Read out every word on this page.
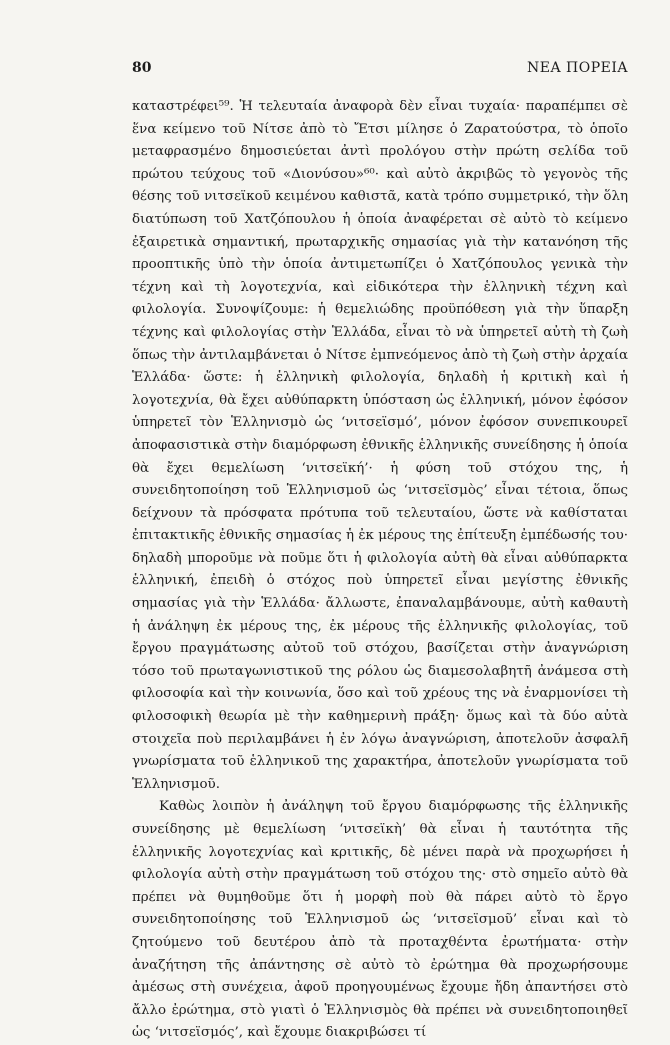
80	ΝΕΑ ΠΟΡΕΙΑ

καταστρέφει⁵⁹. Ἡ τελευταία ἀναφορὰ δὲν εἶναι τυχαία· παραπέμπει σὲ ἕνα κείμενο τοῦ Νίτσε ἀπὸ τὸ Ἔτσι μίλησε ὁ Ζαρατούστρα, τὸ ὁποῖο μεταφρασμένο δημοσιεύεται ἀντὶ προλόγου στὴν πρώτη σελίδα τοῦ πρώτου τεύχους τοῦ «Διονύσου»⁶⁰· καὶ αὐτὸ ἀκριβῶς τὸ γεγονὸς τῆς θέσης τοῦ νιτσεϊκοῦ κειμένου καθιστᾶ, κατὰ τρόπο συμμετρικό, τὴν ὅλη διατύπωση τοῦ Χατζόπουλου ἡ ὁποία ἀναφέρεται σὲ αὐτὸ τὸ κείμενο ἐξαιρετικὰ σημαντική, πρωταρχικῆς σημασίας γιὰ τὴν κατανόηση τῆς προοπτικῆς ὑπὸ τὴν ὁποία ἀντιμετωπίζει ὁ Χατζόπουλος γενικὰ τὴν τέχνη καὶ τὴ λογοτεχνία, καὶ εἰδικότερα τὴν ἑλληνικὴ τέχνη καὶ φιλολογία. Συνοψίζουμε: ἡ θεμελιώδης προϋπόθεση γιὰ τὴν ὕπαρξη τέχνης καὶ φιλολογίας στὴν Ἑλλάδα, εἶναι τὸ νὰ ὑπηρετεῖ αὐτὴ τὴ ζωὴ ὅπως τὴν ἀντιλαμβάνεται ὁ Νίτσε ἐμπνεόμενος ἀπὸ τὴ ζωὴ στὴν ἀρχαία Ἑλλάδα· ὥστε: ἡ ἑλληνικὴ φιλολογία, δηλαδὴ ἡ κριτικὴ καὶ ἡ λογοτεχνία, θὰ ἔχει αὐθύπαρκτη ὑπόσταση ὡς ἑλληνική, μόνον ἐφόσον ὑπηρετεῖ τὸν Ἑλληνισμὸ ὡς ‘νιτσεϊσμό’, μόνον ἐφόσον συνεπικουρεῖ ἀποφασιστικὰ στὴν διαμόρφωση ἐθνικῆς ἑλληνικῆς συνείδησης ἡ ὁποία θὰ ἔχει θεμελίωση ‘νιτσεϊκή’· ἡ φύση τοῦ στόχου της, ἡ συνειδητοποίηση τοῦ Ἑλληνισμοῦ ὡς ‘νιτσεϊσμὸς’ εἶναι τέτοια, ὅπως δείχνουν τὰ πρόσφατα πρότυπα τοῦ τελευταίου, ὥστε νὰ καθίσταται ἐπιτακτικῆς ἐθνικῆς σημασίας ἡ ἐκ μέρους της ἐπίτευξη ἐμπέδωσής του· δηλαδὴ μποροῦμε νὰ ποῦμε ὅτι ἡ φιλολογία αὐτὴ θὰ εἶναι αὐθύπαρκτα ἑλληνική, ἐπειδὴ ὁ στόχος ποὺ ὑπηρετεῖ εἶναι μεγίστης ἐθνικῆς σημασίας γιὰ τὴν Ἑλλάδα· ἄλλωστε, ἐπαναλαμβάνουμε, αὐτὴ καθαυτὴ ἡ ἀνάληψη ἐκ μέρους της, ἐκ μέρους τῆς ἑλληνικῆς φιλολογίας, τοῦ ἔργου πραγμάτωσης αὐτοῦ τοῦ στόχου, βασίζεται στὴν ἀναγνώριση τόσο τοῦ πρωταγωνιστικοῦ της ρόλου ὡς διαμεσολαβητῆ ἀνάμεσα στὴ φιλοσοφία καὶ τὴν κοινωνία, ὅσο καὶ τοῦ χρέους της νὰ ἐναρμονίσει τὴ φιλοσοφικὴ θεωρία μὲ τὴν καθημερινὴ πράξη· ὅμως καὶ τὰ δύο αὐτὰ στοιχεῖα ποὺ περιλαμβάνει ἡ ἐν λόγω ἀναγνώριση, ἀποτελοῦν ἀσφαλῆ γνωρίσματα τοῦ ἑλληνικοῦ της χαρακτήρα, ἀποτελοῦν γνωρίσματα τοῦ Ἑλληνισμοῦ.

Καθὼς λοιπὸν ἡ ἀνάληψη τοῦ ἔργου διαμόρφωσης τῆς ἑλληνικῆς συνείδησης μὲ θεμελίωση ‘νιτσεϊκὴ’ θὰ εἶναι ἡ ταυτότητα τῆς ἑλληνικῆς λογοτεχνίας καὶ κριτικῆς, δὲ μένει παρὰ νὰ προχωρήσει ἡ φιλολογία αὐτὴ στὴν πραγμάτωση τοῦ στόχου της· στὸ σημεῖο αὐτὸ θὰ πρέπει νὰ θυμηθοῦμε ὅτι ἡ μορφὴ ποὺ θὰ πάρει αὐτὸ τὸ ἔργο συνειδητοποίησης τοῦ Ἑλληνισμοῦ ὡς ‘νιτσεϊσμοῦ’ εἶναι καὶ τὸ ζητούμενο τοῦ δευτέρου ἀπὸ τὰ προταχθέντα ἐρωτήματα· στὴν ἀναζήτηση τῆς ἀπάντησης σὲ αὐτὸ τὸ ἐρώτημα θὰ προχωρήσουμε ἀμέσως στὴ συνέχεια, ἀφοῦ προηγουμένως ἔχουμε ἤδη ἀπαντήσει στὸ ἄλλο ἐρώτημα, στὸ γιατὶ ὁ Ἑλληνισμὸς θὰ πρέπει νὰ συνειδητοποιηθεῖ ὡς ‘νιτσεϊσμός’, καὶ ἔχουμε διακριβώσει τί
